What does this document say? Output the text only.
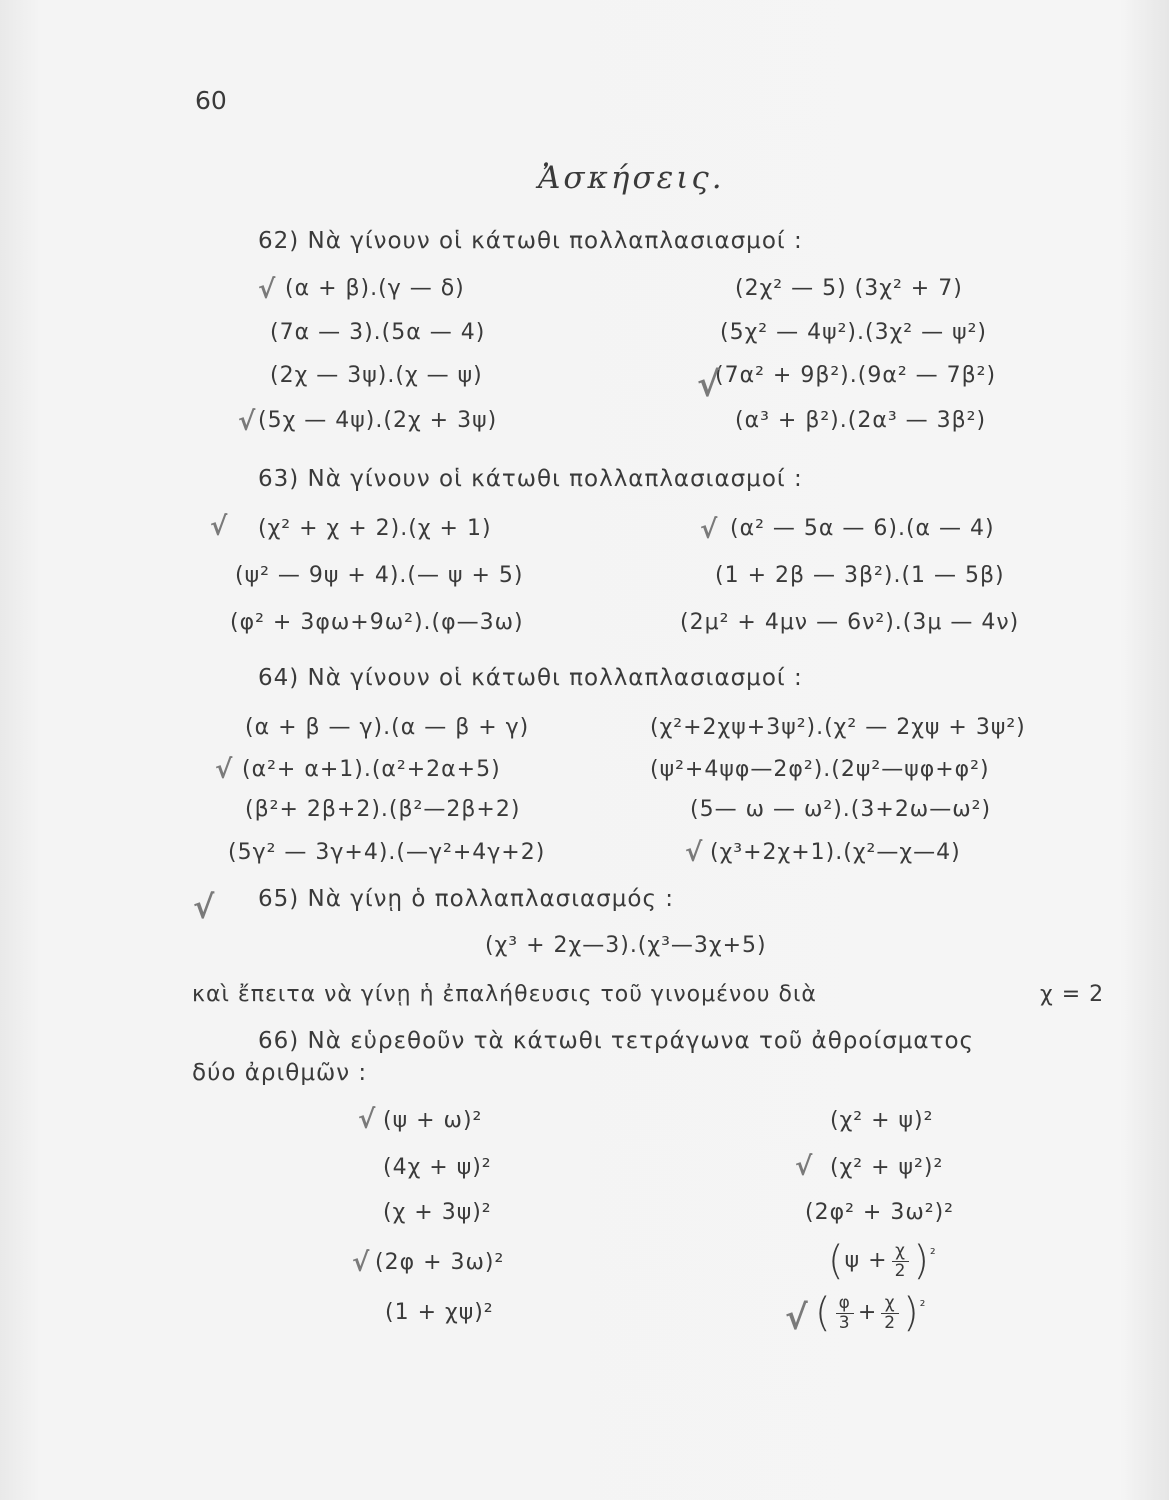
60
Ἀσκήσεις.
62) Νὰ γίνουν οἱ κάτωθι πολλαπλασιασμοί :
(α + β).(γ — δ)
(7α — 3).(5α — 4)
(2χ — 3ψ).(χ — ψ)
(5χ — 4ψ).(2χ + 3ψ)
(2χ² — 5) (3χ² + 7)
(5χ² — 4ψ²).(3χ² — ψ²)
(7α² + 9β²).(9α² — 7β²)
(α³ + β²).(2α³ — 3β²)
63) Νὰ γίνουν οἱ κάτωθι πολλαπλασιασμοί :
(χ² + χ + 2).(χ + 1)
(ψ² — 9ψ + 4).(— ψ + 5)
(φ² + 3φω+9ω²).(φ—3ω)
(α² — 5α — 6).(α — 4)
(1 + 2β — 3β²).(1 — 5β)
(2μ² + 4μν — 6ν²).(3μ — 4ν)
64) Νὰ γίνουν οἱ κάτωθι πολλαπλασιασμοί :
(α + β — γ).(α — β + γ)
(α²+ α+1).(α²+2α+5)
(β²+ 2β+2).(β²—2β+2)
(5γ² — 3γ+4).(—γ²+4γ+2)
(χ²+2χψ+3ψ²).(χ² — 2χψ + 3ψ²)
(ψ²+4ψφ—2φ²).(2ψ²—ψφ+φ²)
(5— ω — ω²).(3+2ω—ω²)
(χ³+2χ+1).(χ²—χ—4)
65) Νὰ γίνῃ ὁ πολλαπλασιασμός :
(χ³ + 2χ—3).(χ³—3χ+5)
καὶ ἔπειτα νὰ γίνῃ ἡ ἐπαλήθευσις τοῦ γινομένου διὰ	χ = 2
66) Νὰ εὑρεθοῦν τὰ κάτωθι τετράγωνα τοῦ ἀθροίσματος
δύο ἀριθμῶν :
(ψ + ω)²
(4χ + ψ)²
(χ + 3ψ)²
(2φ + 3ω)²
(1 + χψ)²
(χ² + ψ)²
(χ² + ψ²)²
(2φ² + 3ω²)²
$(\psi + \frac{\chi}{2} )^{^2}$
( $\frac{\varphi}{3} + \frac{\chi}{2} )^{^2}$
√
√
√
√	√
√
√
√
√
√
√
√
